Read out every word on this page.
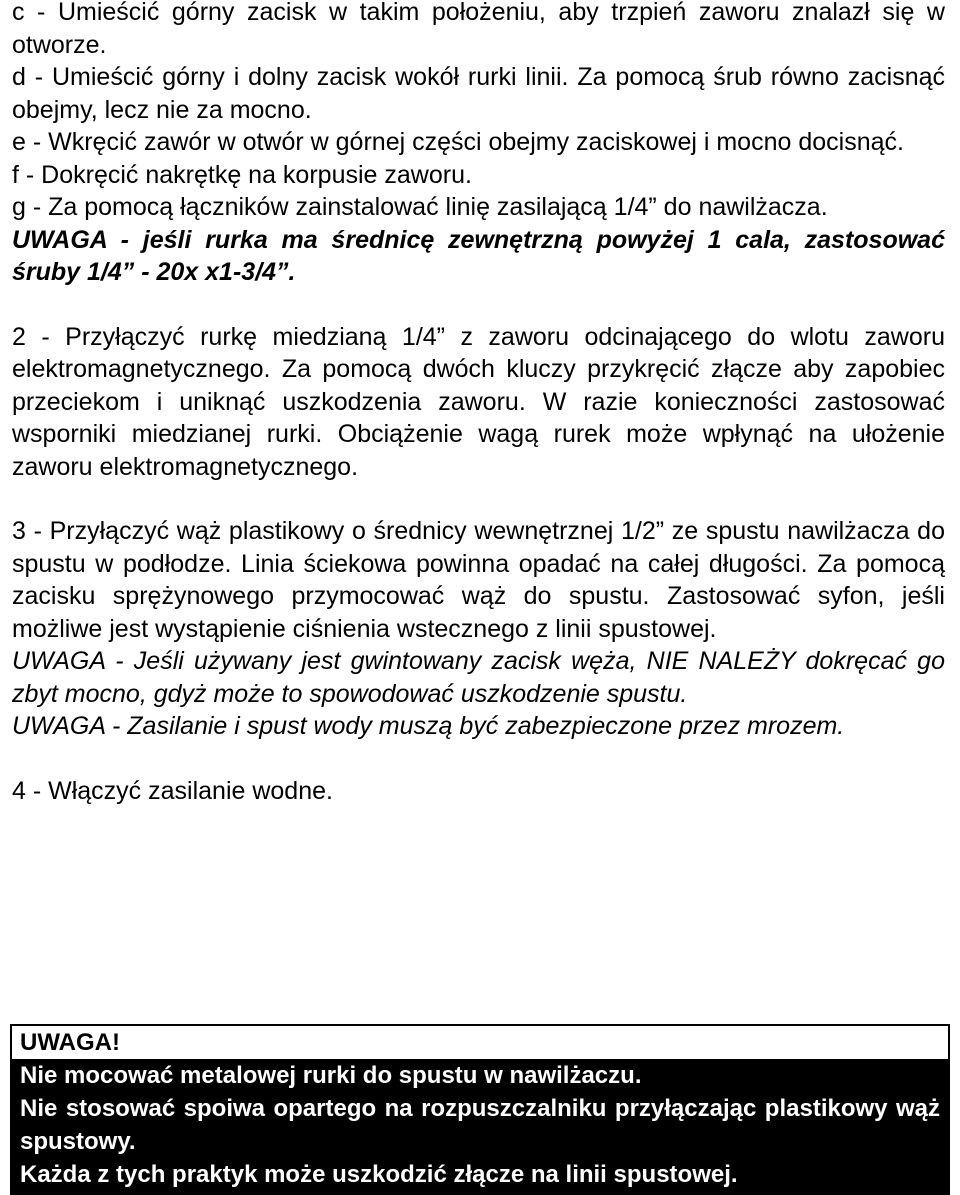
c - Umieścić górny zacisk w takim położeniu, aby trzpień zaworu znalazł się w otworze.

d - Umieścić górny i dolny zacisk wokół rurki linii. Za pomocą śrub równo zacisnąć obejmy, lecz nie za mocno.

e - Wkręcić zawór w otwór w górnej części obejmy zaciskowej i mocno docisnąć.

f - Dokręcić nakrętkę na korpusie zaworu.

g - Za pomocą łączników zainstalować linię zasilającą 1/4” do nawilżacza.

UWAGA - jeśli rurka ma średnicę zewnętrzną powyżej 1 cala, zastosować śruby 1/4” - 20x x1-3/4”.

2 - Przyłączyć rurkę miedzianą 1/4” z zaworu odcinającego do wlotu zaworu elektromagnetycznego. Za pomocą dwóch kluczy przykręcić złącze aby zapobiec przeciekom i uniknąć uszkodzenia zaworu. W razie konieczności zastosować wsporniki miedzianej rurki. Obciążenie wagą rurek może wpłynąć na ułożenie zaworu elektromagnetycznego.

3 - Przyłączyć wąż plastikowy o średnicy wewnętrznej 1/2” ze spustu nawilżacza do spustu w podłodze. Linia ściekowa powinna opadać na całej długości. Za pomocą zacisku sprężynowego przymocować wąż do spustu. Zastosować syfon, jeśli możliwe jest wystąpienie ciśnienia wstecznego z linii spustowej.

UWAGA - Jeśli używany jest gwintowany zacisk węża, NIE NALEŻY dokręcać go zbyt mocno, gdyż może to spowodować uszkodzenie spustu.

UWAGA - Zasilanie i spust wody muszą być zabezpieczone przez mrozem.

4 - Włączyć zasilanie wodne.

UWAGA!

Nie mocować metalowej rurki do spustu w nawilżaczu.

Nie stosować spoiwa opartego na rozpuszczalniku przyłączając plastikowy wąż spustowy.

Każda z tych praktyk może uszkodzić złącze na linii spustowej.
